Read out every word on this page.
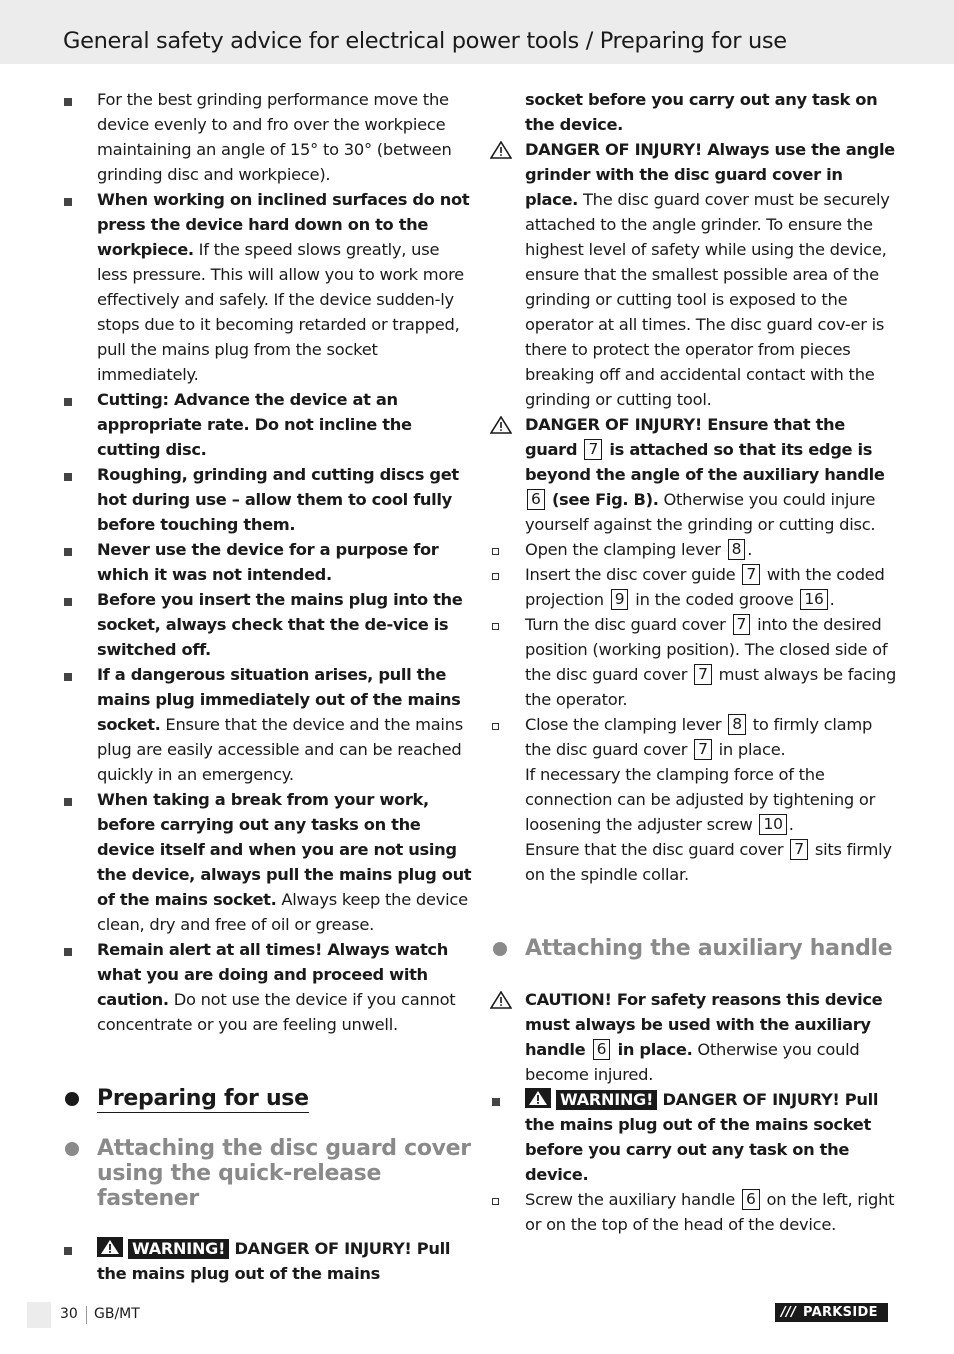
General safety advice for electrical power tools / Preparing for use
For the best grinding performance move the device evenly to and fro over the workpiece maintaining an angle of 15° to 30° (between grinding disc and workpiece).
When working on inclined surfaces do not press the device hard down on to the workpiece. If the speed slows greatly, use less pressure. This will allow you to work more effectively and safely. If the device sudden-ly stops due to it becoming retarded or trapped, pull the mains plug from the socket immediately.
Cutting: Advance the device at an appropriate rate. Do not incline the cutting disc.
Roughing, grinding and cutting discs get hot during use – allow them to cool fully before touching them.
Never use the device for a purpose for which it was not intended.
Before you insert the mains plug into the socket, always check that the de-vice is switched off.
If a dangerous situation arises, pull the mains plug immediately out of the mains socket. Ensure that the device and the mains plug are easily accessible and can be reached quickly in an emergency.
When taking a break from your work, before carrying out any tasks on the device itself and when you are not using the device, always pull the mains plug out of the mains socket. Always keep the device clean, dry and free of oil or grease.
Remain alert at all times! Always watch what you are doing and proceed with caution. Do not use the device if you cannot concentrate or you are feeling unwell.
Preparing for use
Attaching the disc guard cover using the quick-release fastener
WARNING! DANGER OF INJURY! Pull the mains plug out of the mains
socket before you carry out any task on the device.
DANGER OF INJURY! Always use the angle grinder with the disc guard cover in place. The disc guard cover must be securely attached to the angle grinder. To ensure the highest level of safety while using the device, ensure that the smallest possible area of the grinding or cutting tool is exposed to the operator at all times. The disc guard cov-er is there to protect the operator from pieces breaking off and accidental contact with the grinding or cutting tool.
DANGER OF INJURY! Ensure that the guard 7 is attached so that its edge is beyond the angle of the auxiliary handle 6 (see Fig. B). Otherwise you could injure yourself against the grinding or cutting disc.
Open the clamping lever 8 .
Insert the disc cover guide 7 with the coded projection 9 in the coded groove 16 .
Turn the disc guard cover 7 into the desired position (working position). The closed side of the disc guard cover 7 must always be facing the operator.
Close the clamping lever 8 to firmly clamp the disc guard cover 7 in place.
If necessary the clamping force of the connection can be adjusted by tightening or loosening the adjuster screw 10 .
Ensure that the disc guard cover 7 sits firmly on the spindle collar.
Attaching the auxiliary handle
CAUTION! For safety reasons this device must always be used with the auxiliary handle 6 in place. Otherwise you could become injured.
WARNING! DANGER OF INJURY! Pull the mains plug out of the mains socket before you carry out any task on the device.
Screw the auxiliary handle 6 on the left, right or on the top of the head of the device.
30 GB/MT	/// PARKSIDE
